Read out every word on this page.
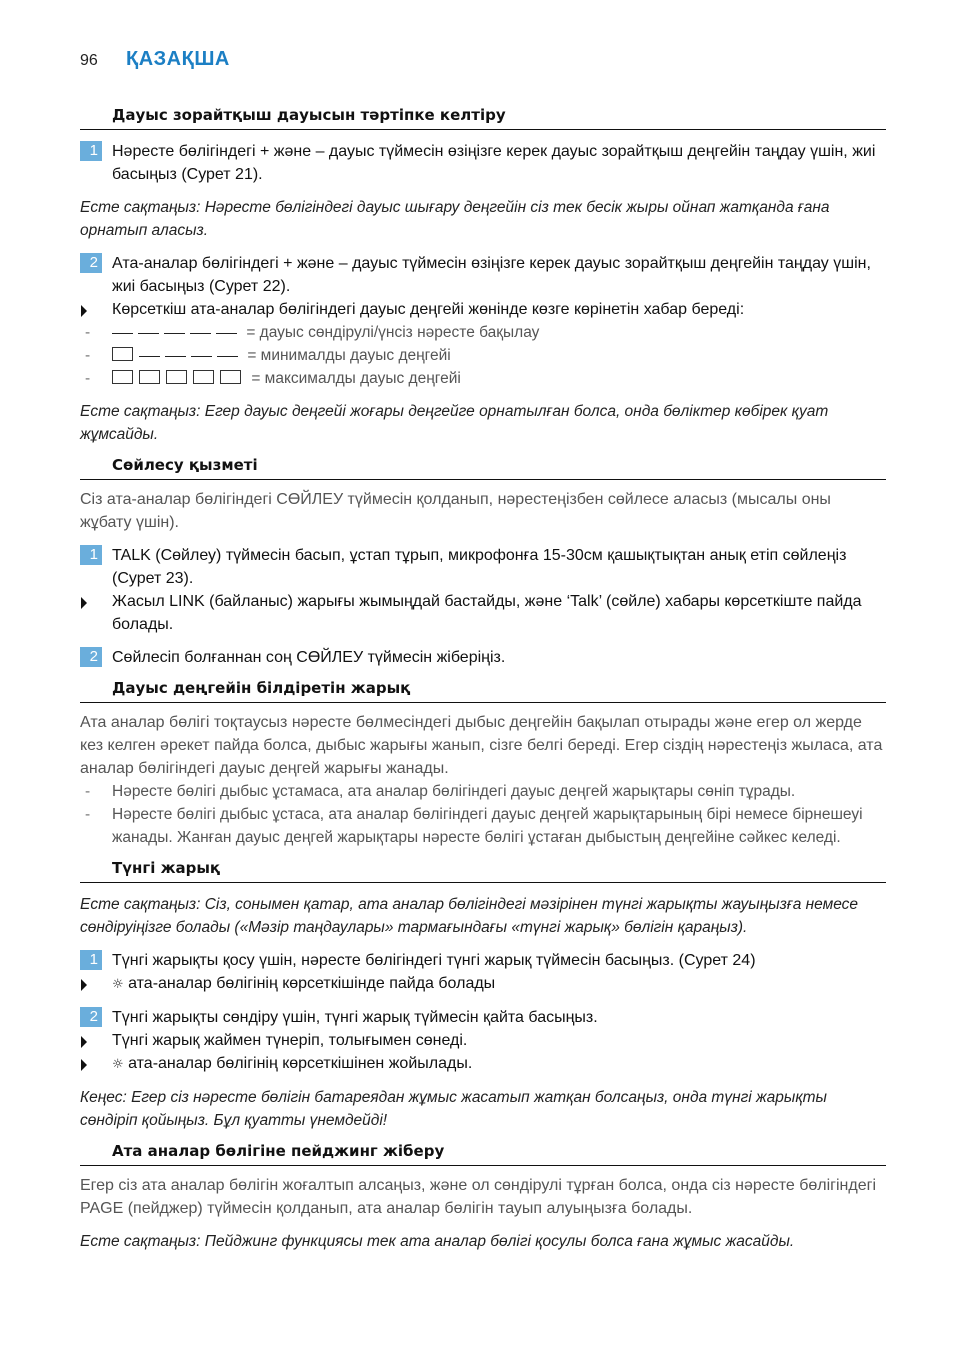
96 ҚАЗАҚША
Дауыс зорайтқыш дауысын тәртіпке келтіру
1 Нәресте бөлігіндегі + және – дауыс түймесін өзіңізге керек дауыс зорайтқыш деңгейін таңдау үшін, жиі басыңыз (Сурет 21).
Есте сақтаңыз: Нәресте бөлігіндегі дауыс шығару деңгейін сіз тек бесік жыры ойнап жатқанда ғана орнатып аласыз.
2 Ата-аналар бөлігіндегі + және – дауыс түймесін өзіңізге керек дауыс зорайтқыш деңгейін таңдау үшін, жиі басыңыз (Сурет 22).
Көрсеткіш ата-аналар бөлігіндегі дауыс деңгейі жөнінде көзге көрінетін хабар береді:
-	= дауыс сөндірулі/үнсіз нәресте бақылау
-	= минималды дауыс деңгейі
-	= максималды дауыс деңгейі
Есте сақтаңыз: Егер дауыс деңгейі жоғары деңгейге орнатылған болса, онда бөліктер көбірек қуат жұмсайды.
Сөйлесу қызметі
Сіз ата-аналар бөлігіндегі СӨЙЛЕУ түймесін қолданып, нәрестеңізбен сөйлесе аласыз (мысалы оны жұбату үшін).
1 TALK (Сөйлеу) түймесін басып, ұстап тұрып, микрофонға 15-30см қашықтықтан анық етіп сөйлеңіз (Сурет 23).
Жасыл LINK (байланыс) жарығы жымыңдай бастайды, және ‘Talk’ (сөйле) хабары көрсеткіште пайда болады.
2 Сөйлесіп болғаннан соң СӨЙЛЕУ түймесін жіберіңіз.
Дауыс деңгейін білдіретін жарық
Ата аналар бөлігі тоқтаусыз нәресте бөлмесіндегі дыбыс деңгейін бақылап отырады және егер ол жерде кез келген әрекет пайда болса, дыбыс жарығы жанып, сізге белгі береді. Егер сіздің нәрестеңіз жыласа, ата аналар бөлігіндегі дауыс деңгей жарығы жанады.
- Нәресте бөлігі дыбыс ұстамаса, ата аналар бөлігіндегі дауыс деңгей жарықтары сөніп тұрады.
- Нәресте бөлігі дыбыс ұстаса, ата аналар бөлігіндегі дауыс деңгей жарықтарының бірі немесе бірнешеуі жанады. Жанған дауыс деңгей жарықтары нәресте бөлігі ұстаған дыбыстың деңгейіне сәйкес келеді.
Түнгі жарық
Есте сақтаңыз: Сіз, сонымен қатар, ата аналар бөлігіндегі мәзірінен түнгі жарықты жауыңызға немесе сөндіруіңізге болады («Мәзір таңдаулары» тармағындағы «түнгі жарық» бөлігін қараңыз).
1 Түнгі жарықты қосу үшін, нәресте бөлігіндегі түнгі жарық түймесін басыңыз. (Сурет 24)
☼ ата-аналар бөлігінің көрсеткішінде пайда болады
2 Түнгі жарықты сөндіру үшін, түнгі жарық түймесін қайта басыңыз.
Түнгі жарық жаймен түнеріп, толығымен сөнеді.
☼ ата-аналар бөлігінің көрсеткішінен жойылады.
Кеңес: Егер сіз нәресте бөлігін батареядан жұмыс жасатып жатқан болсаңыз, онда түнгі жарықты сөндіріп қойыңыз. Бұл қуатты үнемдейді!
Ата аналар бөлігіне пейджинг жіберу
Егер сіз ата аналар бөлігін жоғалтып алсаңыз, және ол сөндірулі тұрған болса, онда сіз нәресте бөлігіндегі PAGE (пейджер) түймесін қолданып, ата аналар бөлігін тауып алуыңызға болады.
Есте сақтаңыз: Пейджинг функциясы тек ата аналар бөлігі қосулы болса ғана жұмыс жасайды.
